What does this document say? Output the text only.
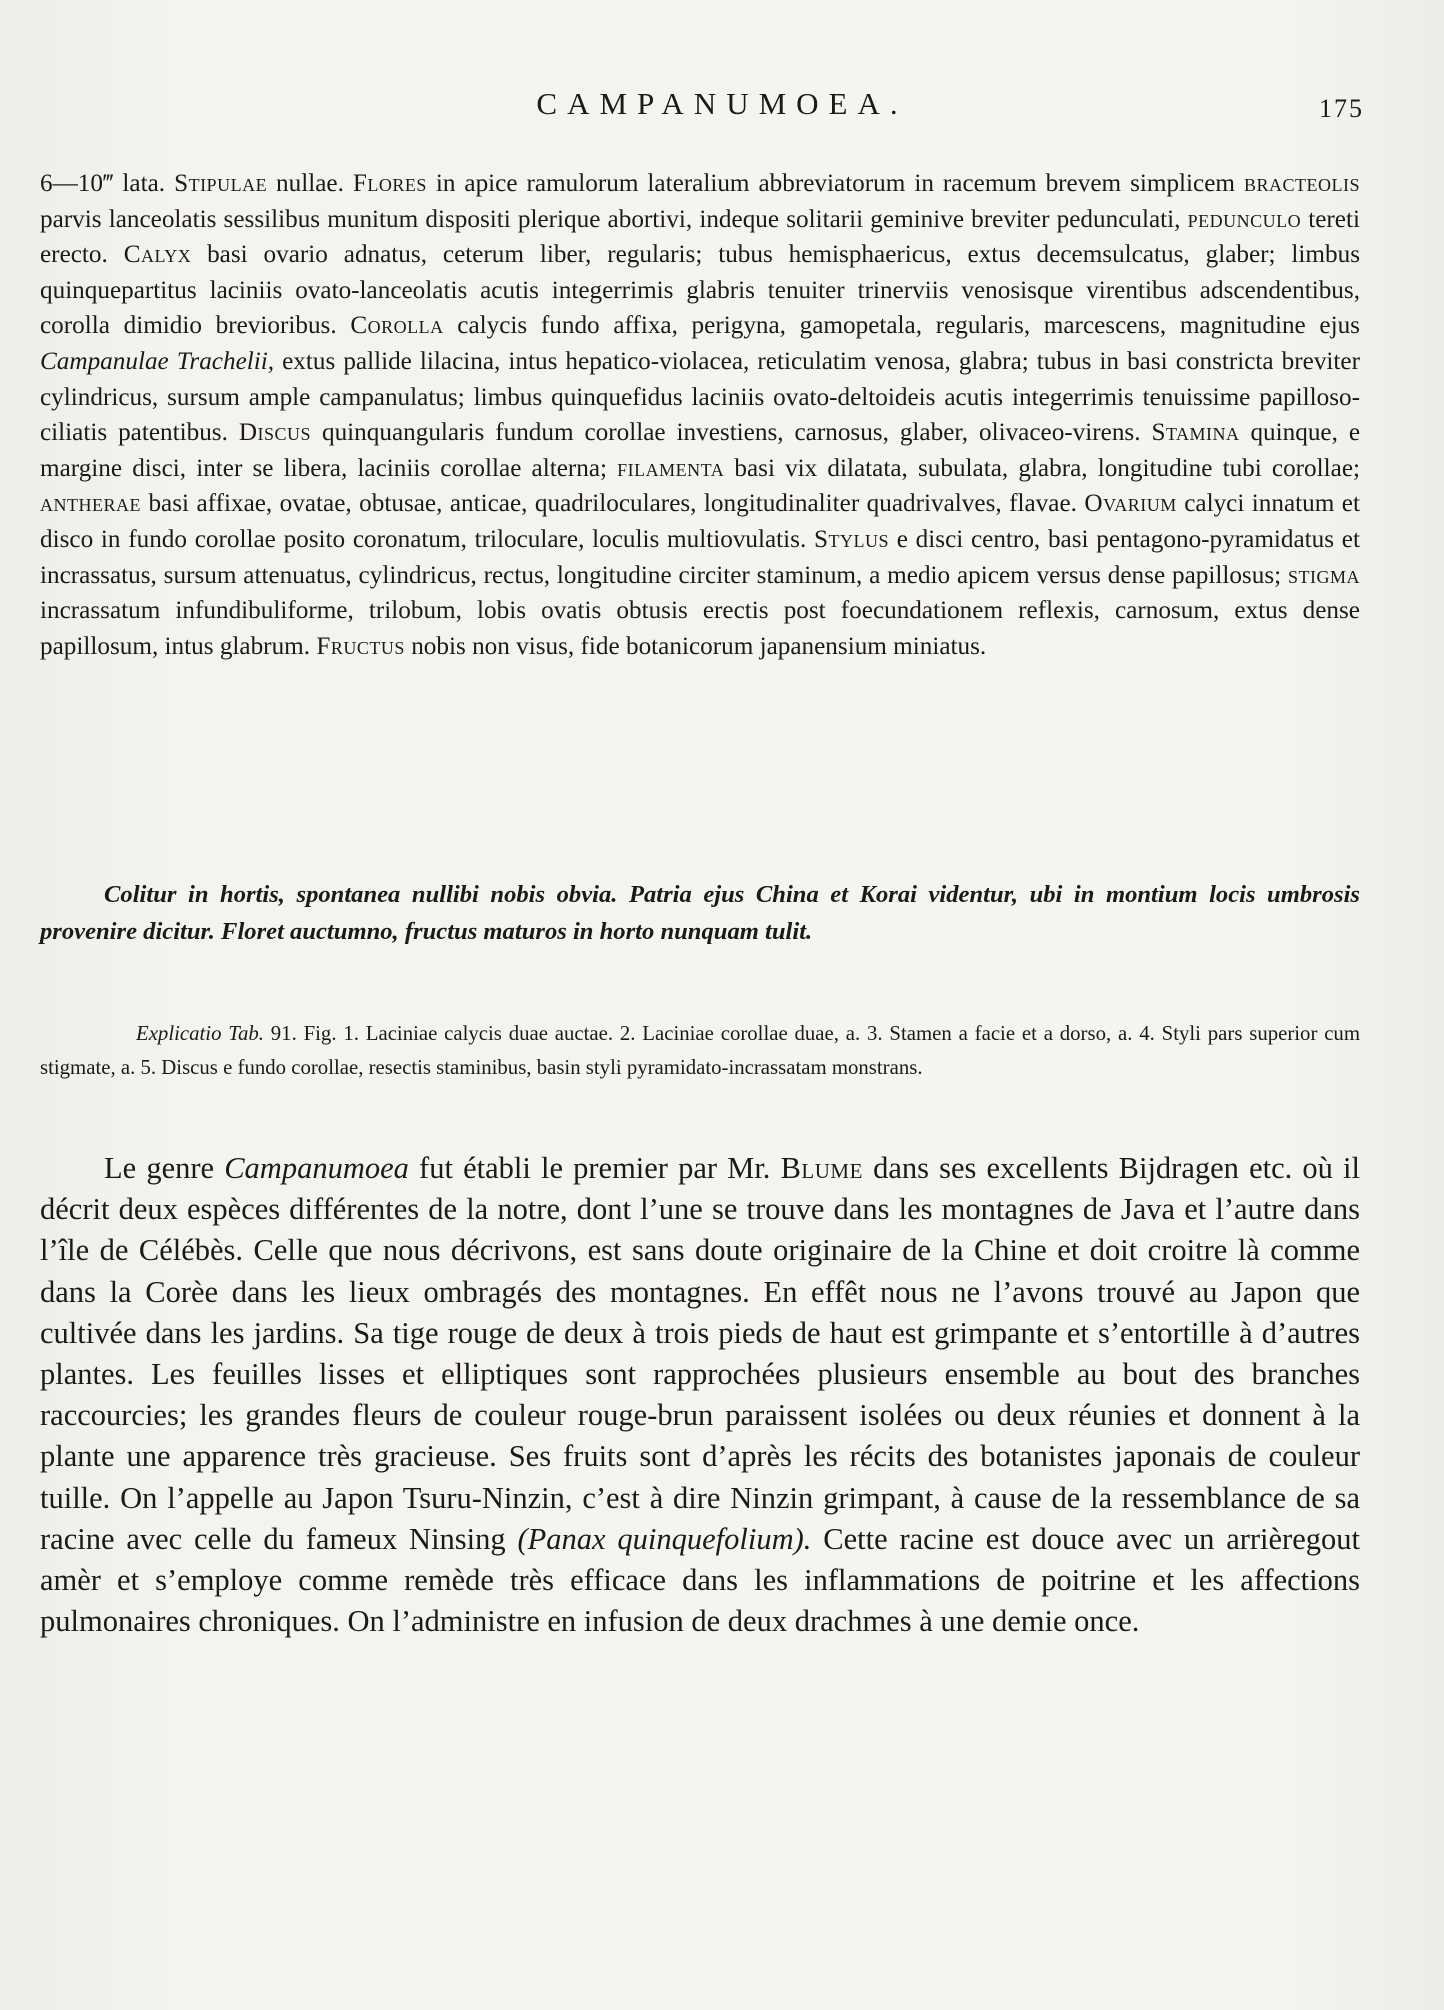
CAMPANUMOEA.	175

6—10‴ lata. Stipulae nullae. Flores in apice ramulorum lateralium abbreviatorum in racemum brevem simplicem bracteolis parvis lanceolatis sessilibus munitum dispositi plerique abortivi, indeque solitarii geminive breviter pedunculati, pedunculo tereti erecto. Calyx basi ovario adnatus, ceterum liber, regularis; tubus hemisphaericus, extus decemsulcatus, glaber; limbus quinquepartitus laciniis ovato-lanceolatis acutis integerrimis glabris tenuiter trinerviis venosisque virentibus adscendentibus, corolla dimidio brevioribus. Corolla calycis fundo affixa, perigyna, gamopetala, regularis, marcescens, magnitudine ejus Campanulae Trachelii, extus pallide lilacina, intus hepatico-violacea, reticulatim venosa, glabra; tubus in basi constricta breviter cylindricus, sursum ample campanulatus; limbus quinquefidus laciniis ovato-deltoideis acutis integerrimis tenuissime papilloso-ciliatis patentibus. Discus quinquangularis fundum corollae investiens, carnosus, glaber, olivaceo-virens. Stamina quinque, e margine disci, inter se libera, laciniis corollae alterna; filamenta basi vix dilatata, subulata, glabra, longitudine tubi corollae; antherae basi affixae, ovatae, obtusae, anticae, quadriloculares, longitudinaliter quadrivalves, flavae. Ovarium calyci innatum et disco in fundo corollae posito coronatum, triloculare, loculis multiovulatis. Stylus e disci centro, basi pentagono-pyramidatus et incrassatus, sursum attenuatus, cylindricus, rectus, longitudine circiter staminum, a medio apicem versus dense papillosus; stigma incrassatum infundibuliforme, trilobum, lobis ovatis obtusis erectis post foecundationem reflexis, carnosum, extus dense papillosum, intus glabrum. Fructus nobis non visus, fide botanicorum japanensium miniatus.

Colitur in hortis, spontanea nullibi nobis obvia. Patria ejus China et Korai videntur, ubi in montium locis umbrosis provenire dicitur. Floret auctumno, fructus maturos in horto nunquam tulit.

Explicatio Tab. 91. Fig. 1. Laciniae calycis duae auctae. 2. Laciniae corollae duae, a. 3. Stamen a facie et a dorso, a. 4. Styli pars superior cum stigmate, a. 5. Discus e fundo corollae, resectis staminibus, basin styli pyramidato-incrassatam monstrans.

Le genre Campanumoea fut établi le premier par Mr. Blume dans ses excellents Bijdragen etc. où il décrit deux espèces différentes de la notre, dont l’une se trouve dans les montagnes de Java et l’autre dans l’île de Célébès. Celle que nous décrivons, est sans doute originaire de la Chine et doit croitre là comme dans la Corèe dans les lieux ombragés des montagnes. En effêt nous ne l’avons trouvé au Japon que cultivée dans les jardins. Sa tige rouge de deux à trois pieds de haut est grimpante et s’entortille à d’autres plantes. Les feuilles lisses et elliptiques sont rapprochées plusieurs ensemble au bout des branches raccourcies; les grandes fleurs de couleur rouge-brun paraissent isolées ou deux réunies et donnent à la plante une apparence très gracieuse. Ses fruits sont d’après les récits des botanistes japonais de couleur tuille. On l’appelle au Japon Tsuru-Ninzin, c’est à dire Ninzin grimpant, à cause de la ressemblance de sa racine avec celle du fameux Ninsing (Panax quinquefolium). Cette racine est douce avec un arrièregout amèr et s’employe comme remède très efficace dans les inflammations de poitrine et les affections pulmonaires chroniques. On l’administre en infusion de deux drachmes à une demie once.
